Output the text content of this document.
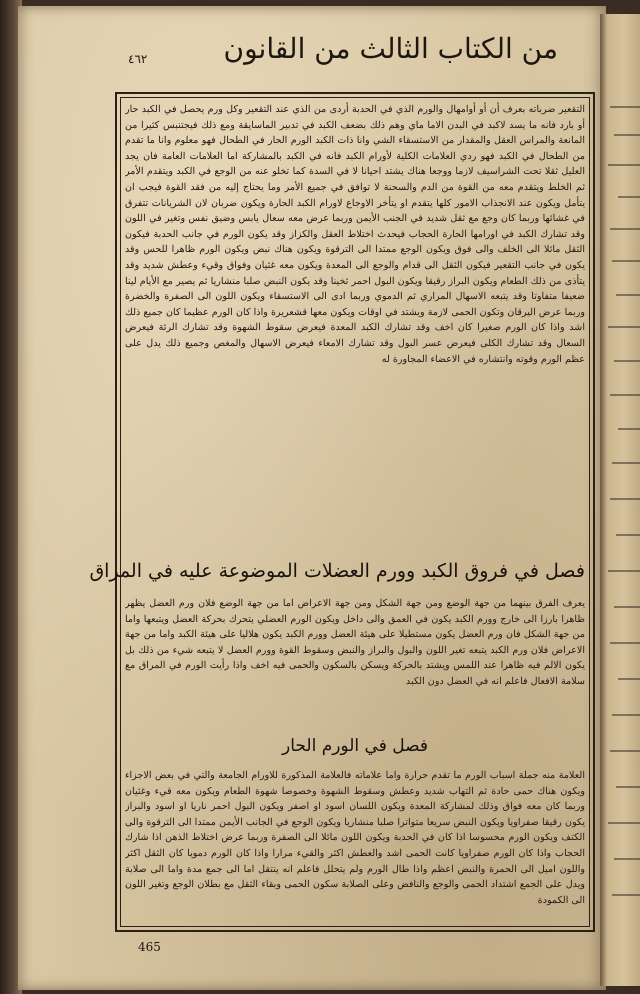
من الكتاب الثالث من القانون
٤٦٢
التقعير ضرباته بعرف أن أو أوامهال والورم الذي في الحدبة أردى من الذي عند التقعير وكل ورم يحصل في الكبد حار أو بارد فانه ما يسد لاكبد في البدن الاما ماي وهم ذلك بضعف الكبد في تدبير الماسايقة ومع ذلك فيجتنبس كثيرا من المانعة والمراس العقل والمقدار من الاستسقاء الشي وانا ذات الكبد الورم الحار في الطحال فهو معلوم وانا ما تقدم من الطحال في الكبد فهو ردي العلامات الكلية لأورام الكبد فانه في الكبد بالمشاركة اما العلامات العامة فان يجد العليل ثقلا تحت الشراسيف لازما ووجعا هناك يشتد احيانا لا في السدة كما تخلو عنه من الوجع في الكبد ويتقدم الأمر ثم الخلط ويتقدم معه من القوة من الدم والسحنة لا توافق في جميع الأمر وما يحتاج إليه من فقد القوة فيجب ان يتأمل ويكون عند الانجذاب الامور كلها يتقدم او يتأخر الاوجاع لاورام الكبد الحارة ويكون ضربان لان الشريانات تتفرق في غشائها وربما كان وجع مع ثقل شديد في الجنب الأيمن وربما عرض معه سعال يابس وضيق نفس وتغير في اللون وقد تشارك الكبد في اورامها الحارة الحجاب فيحدث اختلاط العقل والكزاز وقد يكون الورم في جانب الحدبة فيكون الثقل مائلا الى الخلف والى فوق ويكون الوجع ممتدا الى الترقوة ويكون هناك نبض ويكون الورم ظاهرا للحس وقد يكون في جانب التقعير فيكون الثقل الى قدام والوجع الى المعدة ويكون معه غثيان وفواق وقيء وعطش شديد وقد يتأذى من ذلك الطعام ويكون البراز رقيقا ويكون البول احمر ثخينا وقد يكون النبض صلبا منشاريا ثم يصير مع الأيام لينا ضعيفا متفاوتا وقد يتبعه الاسهال المراري ثم الدموي وربما ادى الى الاستسقاء ويكون اللون الى الصفرة والخضرة وربما عرض اليرقان وتكون الحمى لازمة ويشتد في اوقات ويكون معها قشعريرة واذا كان الورم عظيما كان جميع ذلك اشد واذا كان الورم صغيرا كان اخف وقد تشارك الكبد المعدة فيعرض سقوط الشهوة وقد تشارك الرئة فيعرض السعال وقد تشارك الكلى فيعرض عسر البول وقد تشارك الامعاء فيعرض الاسهال والمغص وجميع ذلك يدل على عظم الورم وقوته وانتشاره في الاعضاء المجاورة له
فصل في فروق الكبد وورم العضلات الموضوعة عليه في المراق
يعرف الفرق بينهما من جهة الوضع ومن جهة الشكل ومن جهة الاعراض اما من جهة الوضع فلان ورم العضل يظهر ظاهرا بارزا الى خارج وورم الكبد يكون في العمق والى داخل ويكون الورم العضلي يتحرك بحركة العضل ويتبعها واما من جهة الشكل فان ورم العضل يكون مستطيلا على هيئة العضل وورم الكبد يكون هلاليا على هيئة الكبد واما من جهة الاعراض فلان ورم الكبد يتبعه تغير اللون والبول والبراز والنبض وسقوط القوة وورم العضل لا يتبعه شيء من ذلك بل يكون الالم فيه ظاهرا عند اللمس ويشتد بالحركة ويسكن بالسكون والحمى فيه اخف واذا رأيت الورم في المراق مع سلامة الافعال فاعلم انه في العضل دون الكبد
فصل في الورم الحار
العلامة منه جملة اسباب الورم ما تقدم حرارة واما علاماته فالعلامة المذكورة للاورام الجامعة والتي في بعض الاجزاء ويكون هناك حمى حادة ثم التهاب شديد وعطش وسقوط الشهوة وخصوصا شهوة الطعام ويكون معه قيء وغثيان وربما كان معه فواق وذلك لمشاركة المعدة ويكون اللسان اسود او اصفر ويكون البول احمر ناريا او اسود والبراز يكون رقيقا صفراويا ويكون النبض سريعا متواترا صلبا منشاريا ويكون الوجع في الجانب الأيمن ممتدا الى الترقوة والى الكتف ويكون الورم محسوسا اذا كان في الحدبة ويكون اللون مائلا الى الصفرة وربما عرض اختلاط الذهن اذا شارك الحجاب واذا كان الورم صفراويا كانت الحمى اشد والعطش اكثر والقيء مرارا واذا كان الورم دمويا كان الثقل اكثر واللون اميل الى الحمرة والنبض اعظم واذا طال الورم ولم يتحلل فاعلم انه ينتقل اما الى جمع مدة واما الى صلابة ويدل على الجمع اشتداد الحمى والوجع والنافض وعلى الصلابة سكون الحمى وبقاء الثقل مع بطلان الوجع وتغير اللون الى الكمودة
465
